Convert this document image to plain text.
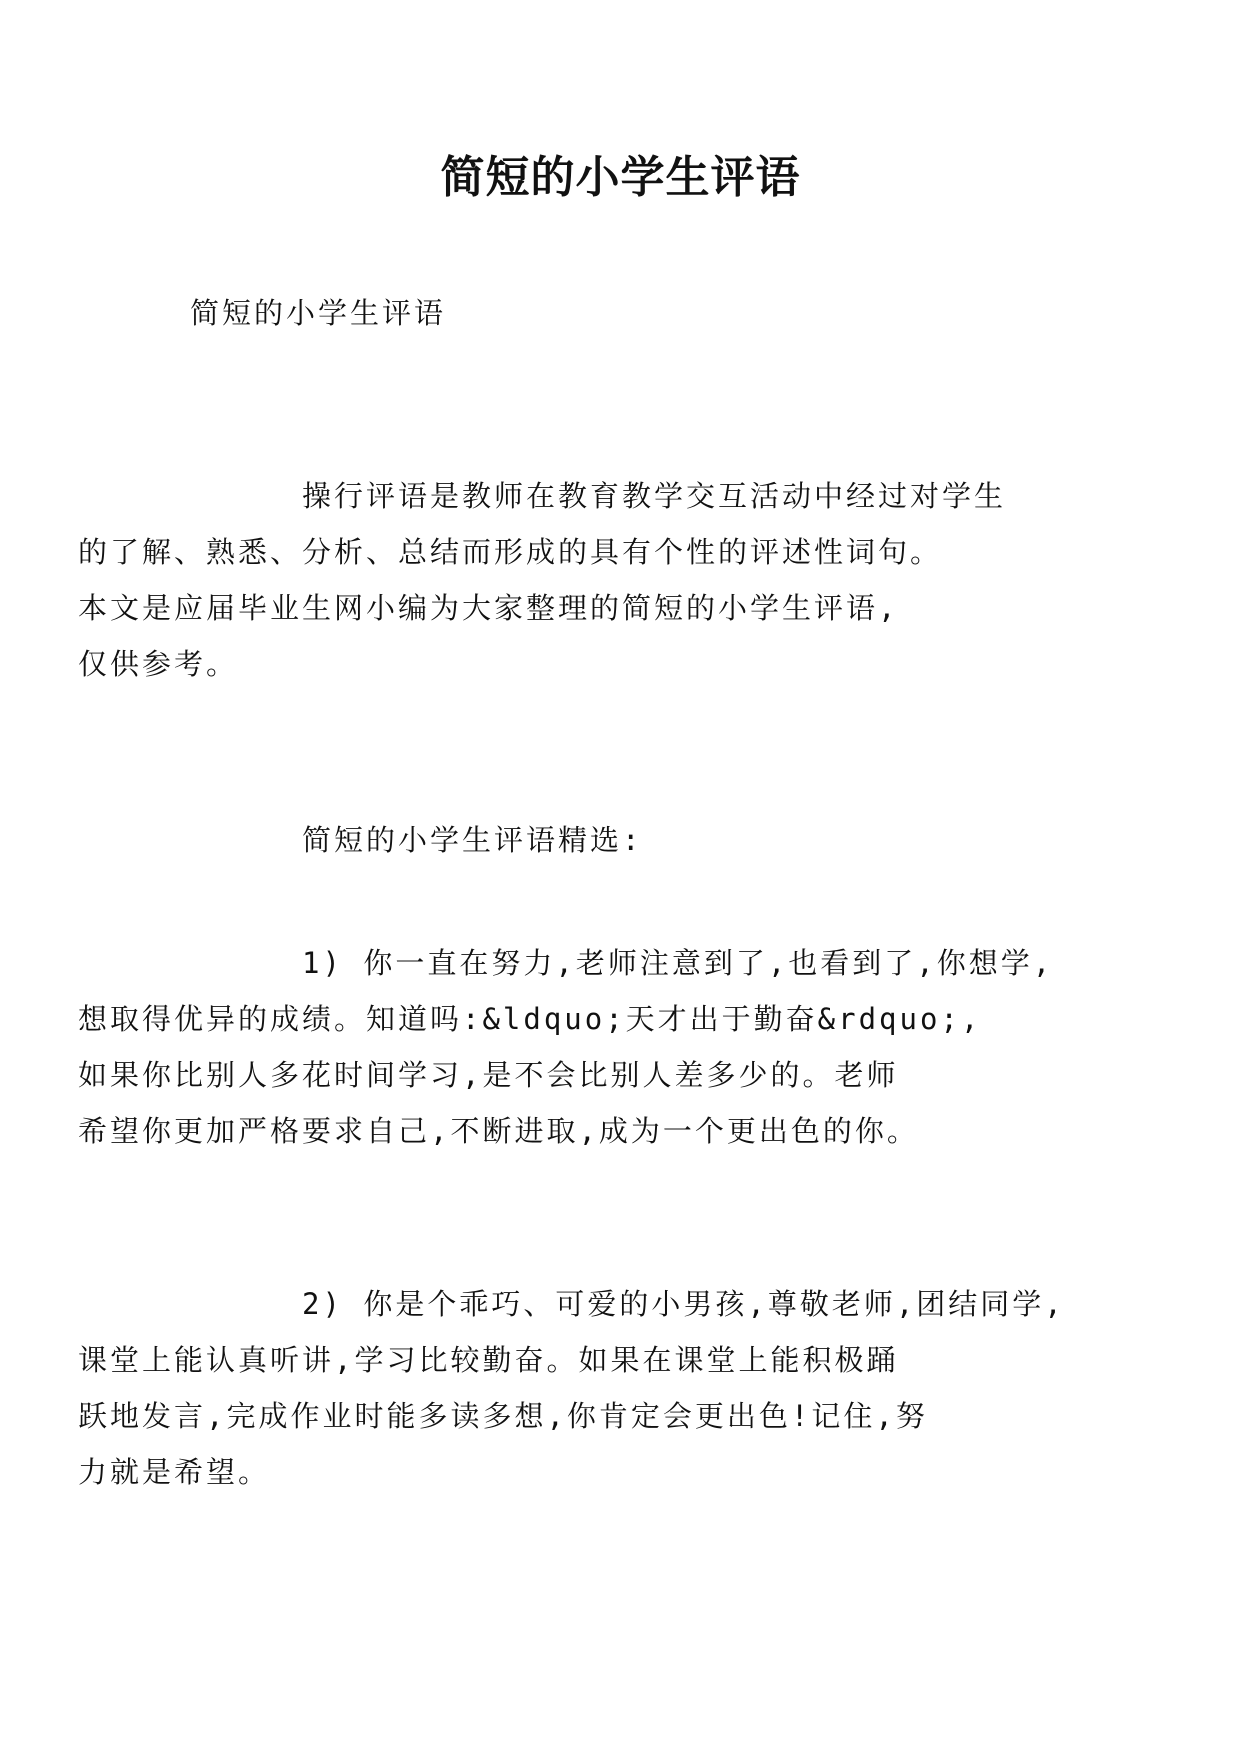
简短的小学生评语

简短的小学生评语

操行评语是教师在教育教学交互活动中经过对学生
的了解、熟悉、分析、总结而形成的具有个性的评述性词句。
本文是应届毕业生网小编为大家整理的简短的小学生评语,
仅供参考。

简短的小学生评语精选:

1) 你一直在努力,老师注意到了,也看到了,你想学,
想取得优异的成绩。知道吗:&ldquo;天才出于勤奋&rdquo;,
如果你比别人多花时间学习,是不会比别人差多少的。老师
希望你更加严格要求自己,不断进取,成为一个更出色的你。

2) 你是个乖巧、可爱的小男孩,尊敬老师,团结同学,
课堂上能认真听讲,学习比较勤奋。如果在课堂上能积极踊
跃地发言,完成作业时能多读多想,你肯定会更出色!记住,努
力就是希望。
